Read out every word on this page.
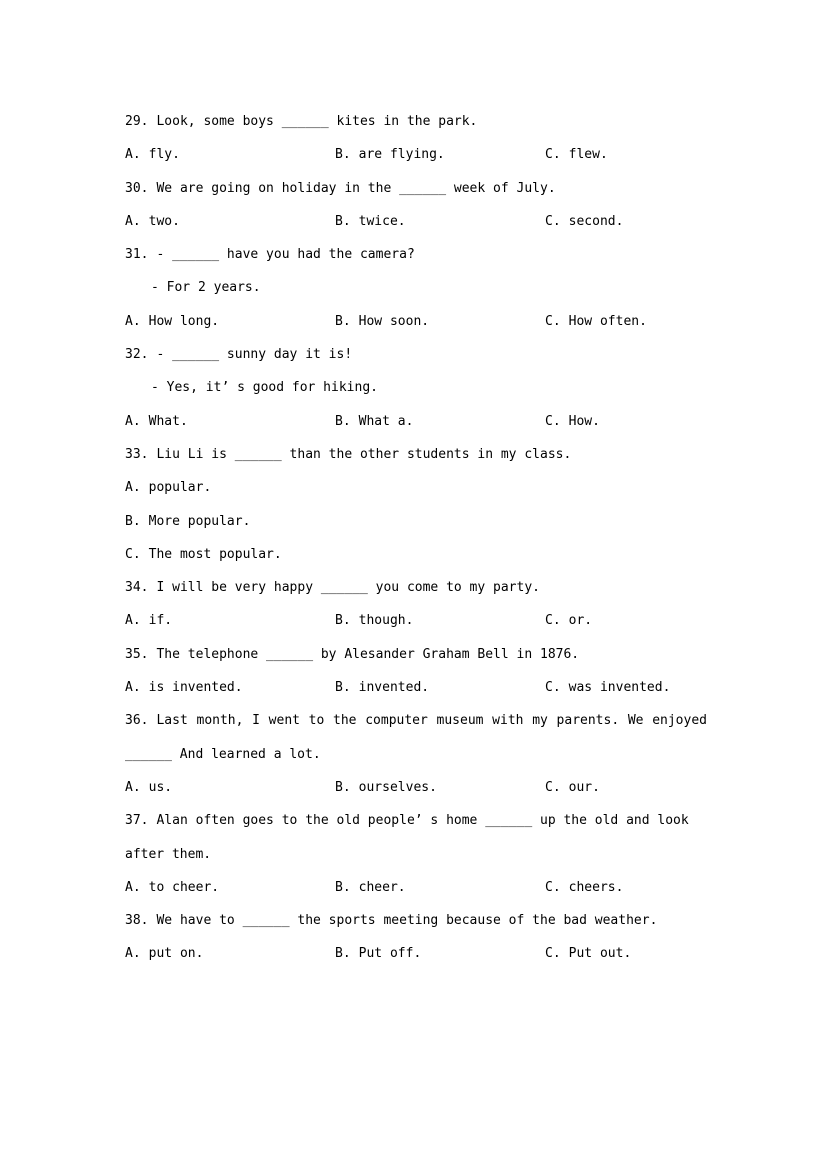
29. Look, some boys ______ kites in the park.
A. fly.	B. are flying.	C. flew.
30. We are going on holiday in the ______ week of July.
A. two.	B. twice.	C. second.
31. - ______ have you had the camera?
- For 2 years.
A. How long.	B. How soon.	C. How often.
32. - ______ sunny day it is!
- Yes, it’ s good for hiking.
A. What.	B. What a.	C. How.
33. Liu Li is ______ than the other students in my class.
A. popular.
B. More popular.
C. The most popular.
34. I will be very happy ______ you come to my party.
A. if.	B. though.	C. or.
35. The telephone ______ by Alesander Graham Bell in 1876.
A. is invented.	B. invented.	C. was invented.
36. Last month, I went to the computer museum with my parents. We enjoyed
______ And learned a lot.
A. us.	B. ourselves.	C. our.
37. Alan often goes to the old people’ s home ______ up the old and look
after them.
A. to cheer.	B. cheer.	C. cheers.
38. We have to ______ the sports meeting because of the bad weather.
A. put on.	B. Put off.	C. Put out.
